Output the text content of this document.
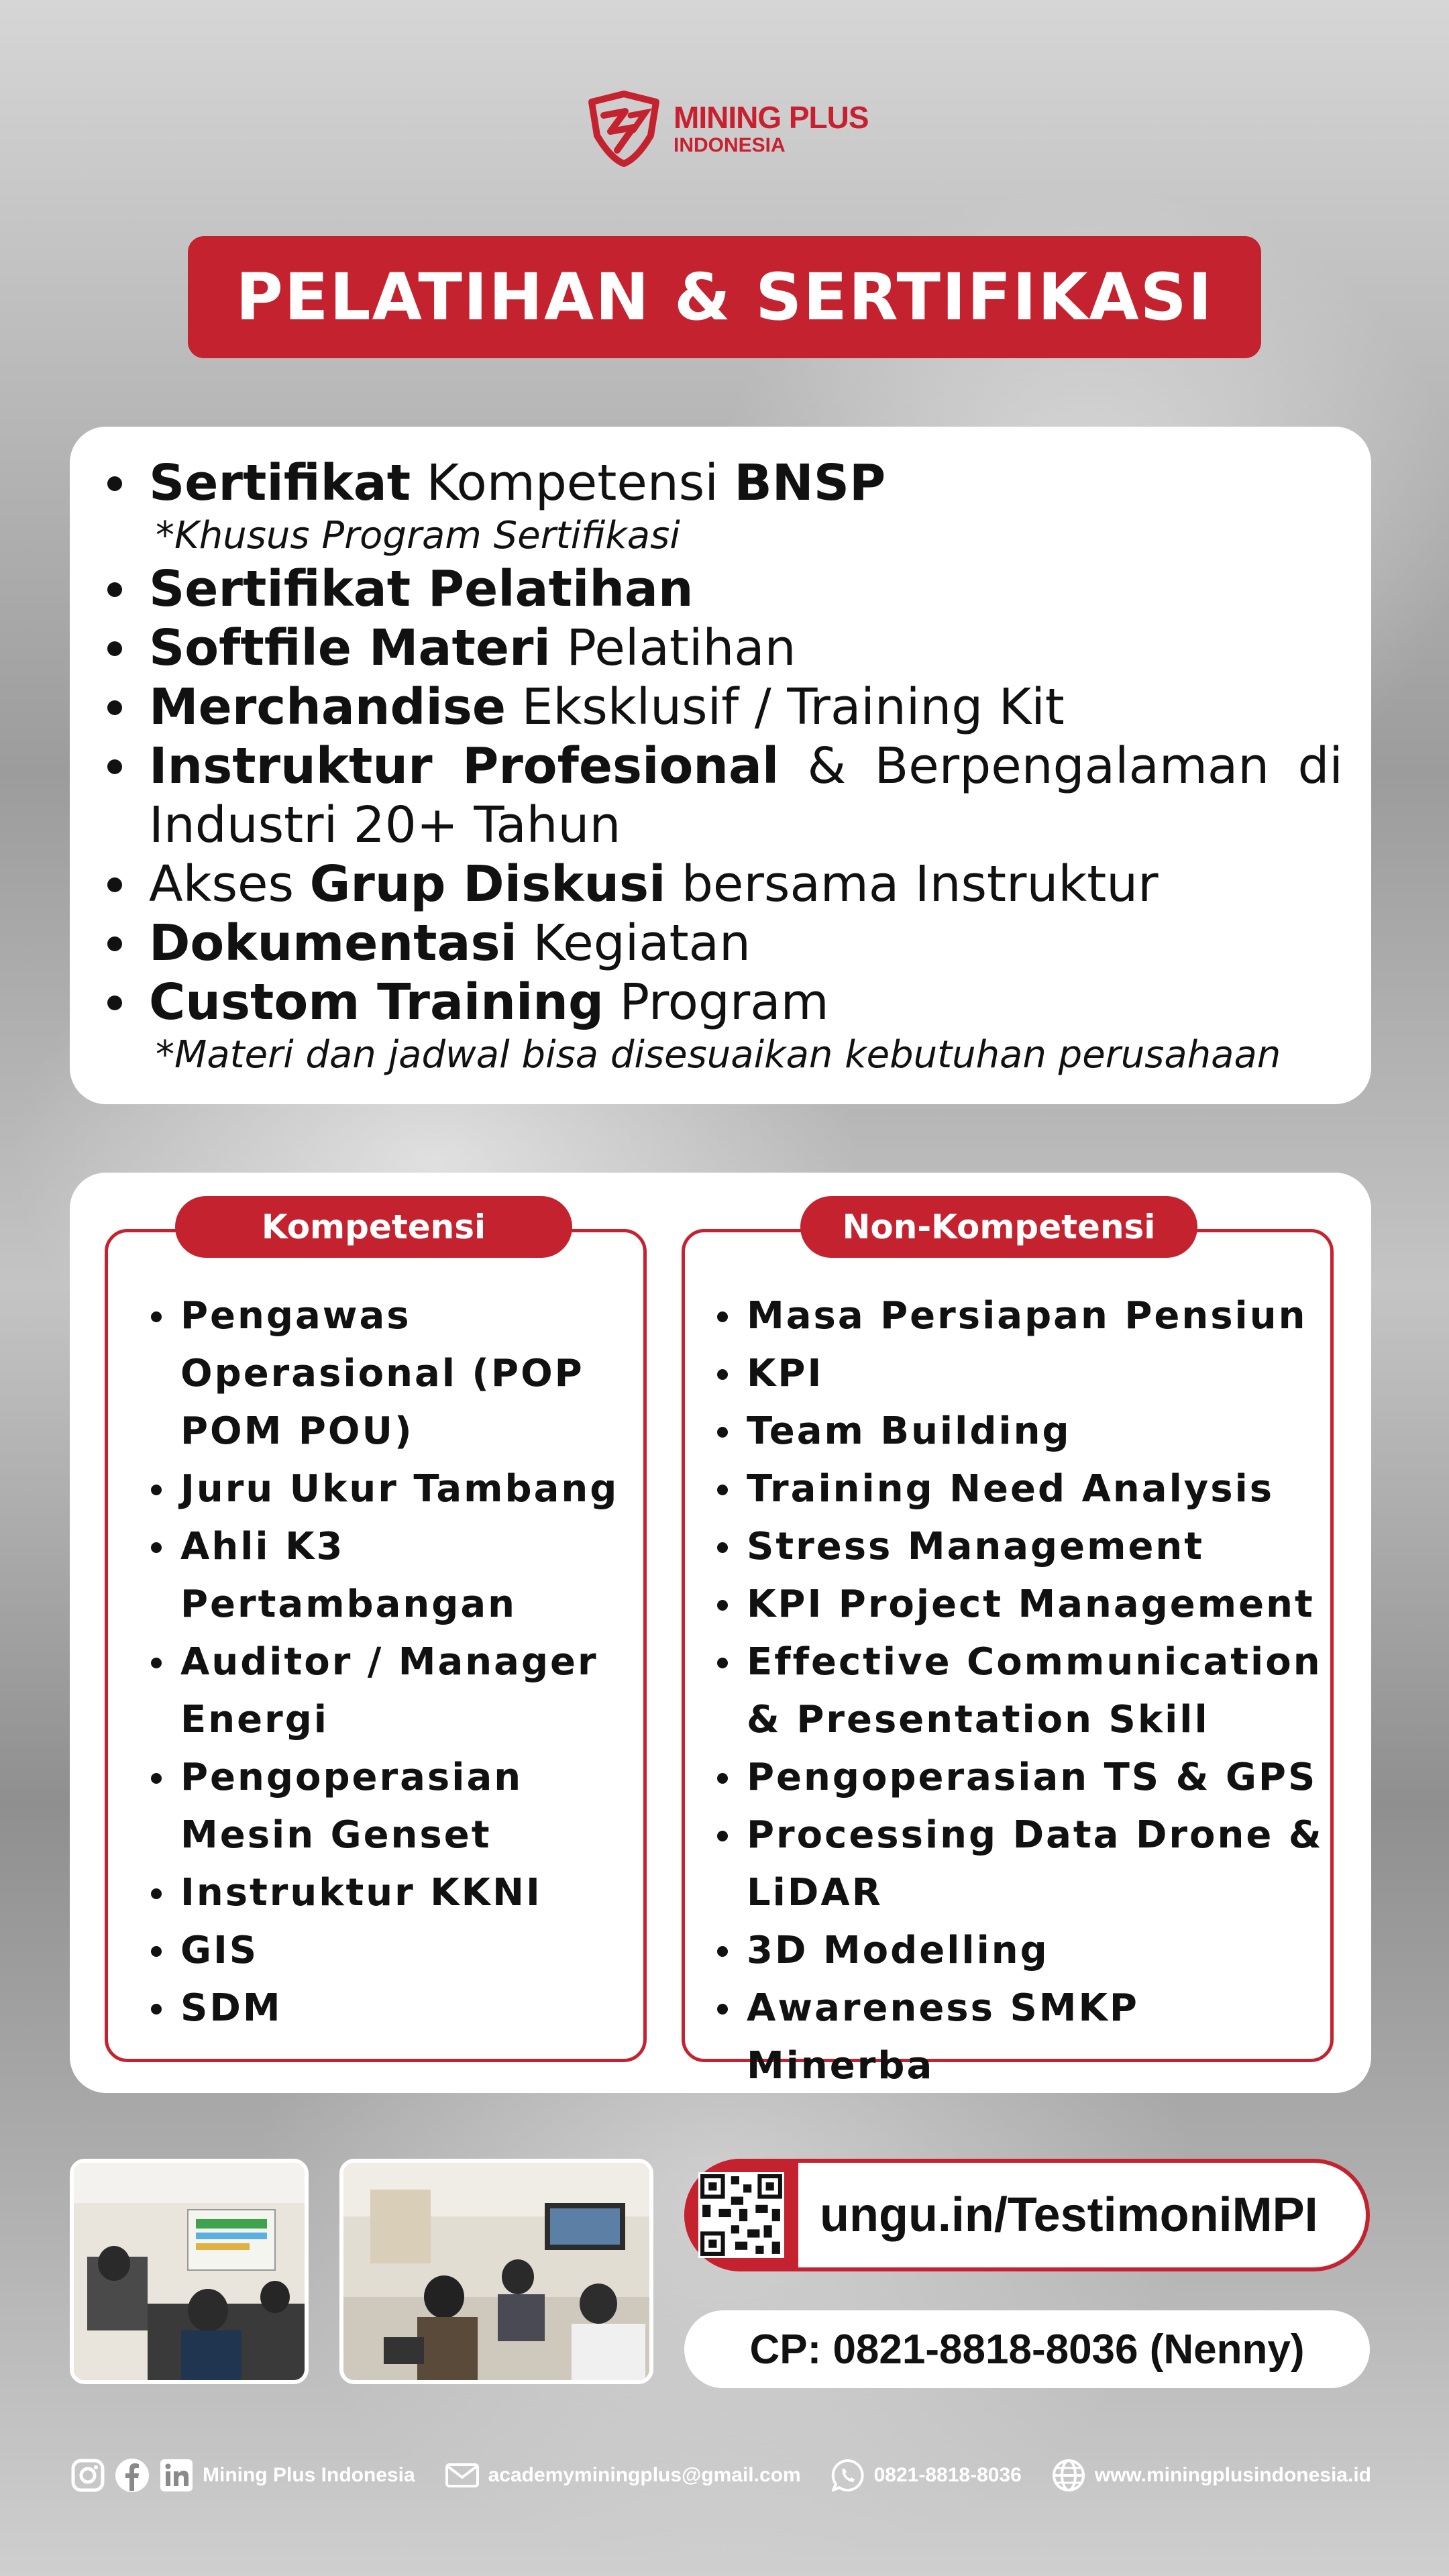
MINING PLUS
INDONESIA
PELATIHAN & SERTIFIKASI
Sertifikat Kompetensi BNSP
*Khusus Program Sertifikasi
Sertifikat Pelatihan
Softfile Materi Pelatihan
Merchandise Eksklusif / Training Kit
Instruktur Profesional & Berpengalaman di
Industri 20+ Tahun
Akses Grup Diskusi bersama Instruktur
Dokumentasi Kegiatan
Custom Training Program
*Materi dan jadwal bisa disesuaikan kebutuhan perusahaan
Kompetensi
Pengawas Operasional (POP POM POU)
Juru Ukur Tambang
Ahli K3 Pertambangan
Auditor / Manager Energi
Pengoperasian Mesin Genset
Instruktur KKNI
GIS
SDM
Non-Kompetensi
Masa Persiapan Pensiun
KPI
Team Building
Training Need Analysis
Stress Management
KPI Project Management
Effective Communication & Presentation Skill
Pengoperasian TS & GPS
Processing Data Drone & LiDAR
3D Modelling
Awareness SMKP Minerba
ungu.in/TestimoniMPI
CP: 0821-8818-8036 (Nenny)
Mining Plus Indonesia	academyminingplus@gmail.com	0821-8818-8036	www.miningplusindonesia.id
